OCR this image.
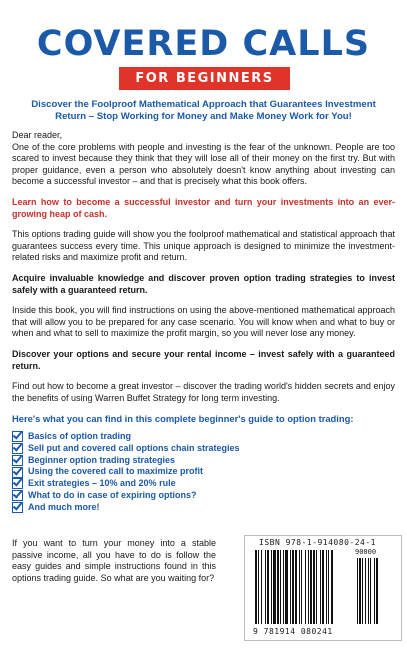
COVERED CALLS
FOR BEGINNERS
Discover the Foolproof Mathematical Approach that Guarantees Investment Return – Stop Working for Money and Make Money Work for You!

Dear reader,

One of the core problems with people and investing is the fear of the unknown. People are too scared to invest because they think that they will lose all of their money on the first try. But with proper guidance, even a person who absolutely doesn't know anything about investing can become a successful investor – and that is precisely what this book offers.

Learn how to become a successful investor and turn your investments into an ever-growing heap of cash.

This options trading guide will show you the foolproof mathematical and statistical approach that guarantees success every time. This unique approach is designed to minimize the investment-related risks and maximize profit and return.

Acquire invaluable knowledge and discover proven option trading strategies to invest safely with a guaranteed return.

Inside this book, you will find instructions on using the above-mentioned mathematical approach that will allow you to be prepared for any case scenario. You will know when and what to buy or when and what to sell to maximize the profit margin, so you will never lose any money.

Discover your options and secure your rental income – invest safely with a guaranteed return.

Find out how to become a great investor – discover the trading world's hidden secrets and enjoy the benefits of using Warren Buffet Strategy for long term investing.

Here's what you can find in this complete beginner's guide to option trading:
Basics of option trading
Sell put and covered call options chain strategies
Beginner option trading strategies
Using the covered call to maximize profit
Exit strategies – 10% and 20% rule
What to do in case of expiring options?
And much more!
If you want to turn your money into a stable passive income, all you have to do is follow the easy guides and simple instructions found in this options trading guide. So what are you waiting for?
ISBN 978-1-914080-24-1
90000
9 781914 080241
